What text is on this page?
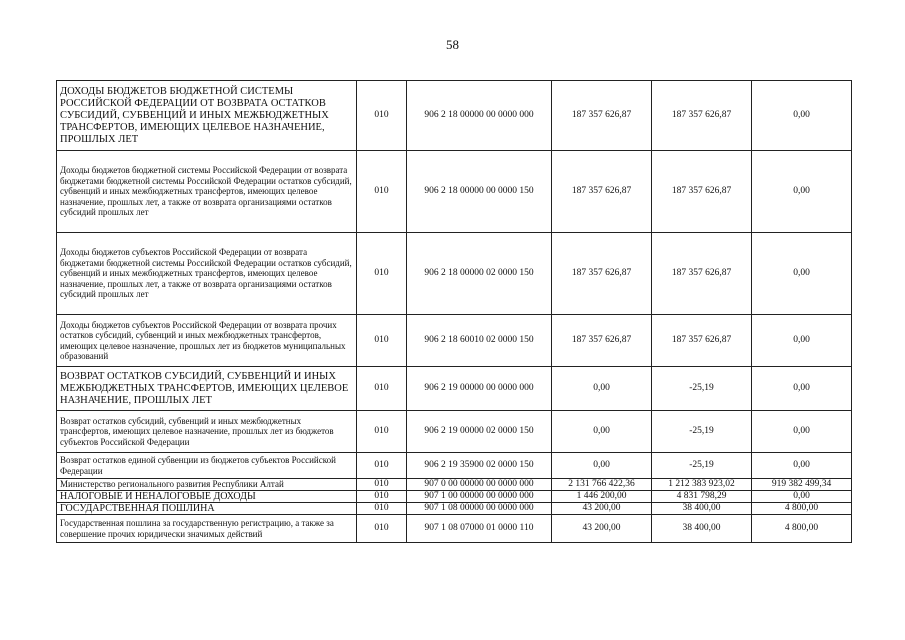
58
ДОХОДЫ БЮДЖЕТОВ БЮДЖЕТНОЙ СИСТЕМЫ РОССИЙСКОЙ ФЕДЕРАЦИИ ОТ ВОЗВРАТА ОСТАТКОВ СУБСИДИЙ, СУБВЕНЦИЙ И ИНЫХ МЕЖБЮДЖЕТНЫХ ТРАНСФЕРТОВ, ИМЕЮЩИХ ЦЕЛЕВОЕ НАЗНАЧЕНИЕ, ПРОШЛЫХ ЛЕТ	010	906 2 18 00000 00 0000 000	187 357 626,87	187 357 626,87	0,00
Доходы бюджетов бюджетной системы Российской Федерации от возврата бюджетами бюджетной системы Российской Федерации остатков субсидий, субвенций и иных межбюджетных трансфертов, имеющих целевое назначение, прошлых лет, а также от возврата организациями остатков субсидий прошлых лет	010	906 2 18 00000 00 0000 150	187 357 626,87	187 357 626,87	0,00
Доходы бюджетов субъектов Российской Федерации от возврата бюджетами бюджетной системы Российской Федерации остатков субсидий, субвенций и иных межбюджетных трансфертов, имеющих целевое назначение, прошлых лет, а также от возврата организациями остатков субсидий прошлых лет	010	906 2 18 00000 02 0000 150	187 357 626,87	187 357 626,87	0,00
Доходы бюджетов субъектов Российской Федерации от возврата прочих остатков субсидий, субвенций и иных межбюджетных трансфертов, имеющих целевое назначение, прошлых лет из бюджетов муниципальных образований	010	906 2 18 60010 02 0000 150	187 357 626,87	187 357 626,87	0,00
ВОЗВРАТ ОСТАТКОВ СУБСИДИЙ, СУБВЕНЦИЙ И ИНЫХ МЕЖБЮДЖЕТНЫХ ТРАНСФЕРТОВ, ИМЕЮЩИХ ЦЕЛЕВОЕ НАЗНАЧЕНИЕ, ПРОШЛЫХ ЛЕТ	010	906 2 19 00000 00 0000 000	0,00	-25,19	0,00
Возврат остатков субсидий, субвенций и иных межбюджетных трансфертов, имеющих целевое назначение, прошлых лет из бюджетов субъектов Российской Федерации	010	906 2 19 00000 02 0000 150	0,00	-25,19	0,00
Возврат остатков единой субвенции из бюджетов субъектов Российской Федерации	010	906 2 19 35900 02 0000 150	0,00	-25,19	0,00
Министерство регионального развития Республики Алтай	010	907 0 00 00000 00 0000 000	2 131 766 422,36	1 212 383 923,02	919 382 499,34
НАЛОГОВЫЕ И НЕНАЛОГОВЫЕ ДОХОДЫ	010	907 1 00 00000 00 0000 000	1 446 200,00	4 831 798,29	0,00
ГОСУДАРСТВЕННАЯ ПОШЛИНА	010	907 1 08 00000 00 0000 000	43 200,00	38 400,00	4 800,00
Государственная пошлина за государственную регистрацию, а также за совершение прочих юридически значимых действий	010	907 1 08 07000 01 0000 110	43 200,00	38 400,00	4 800,00
